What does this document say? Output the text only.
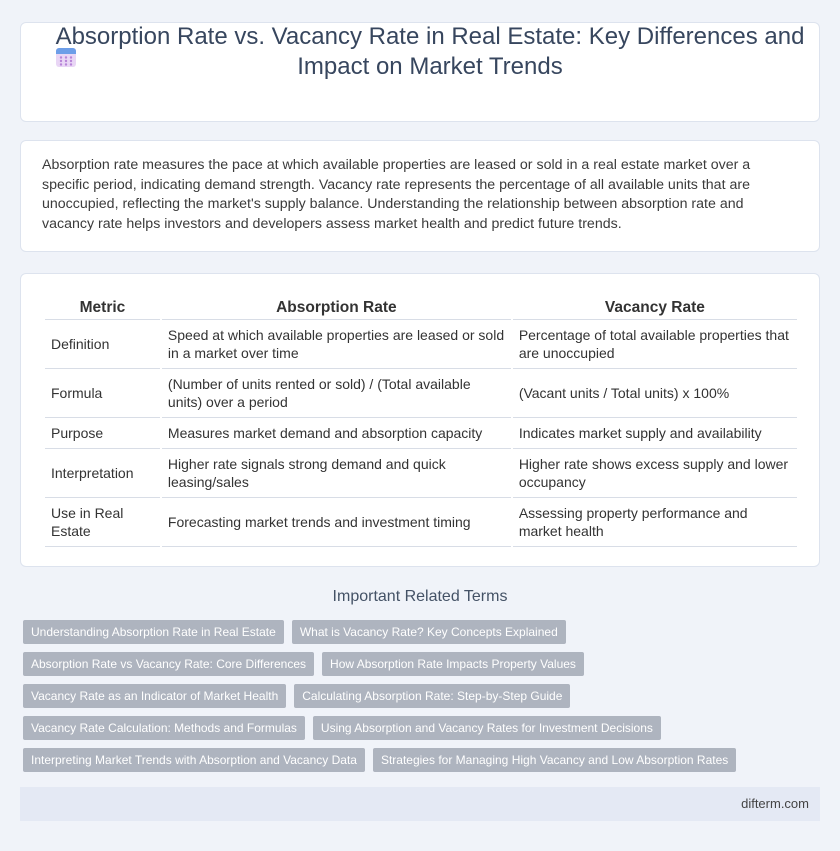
Absorption Rate vs. Vacancy Rate in Real Estate: Key Differences and Impact on Market Trends

Absorption rate measures the pace at which available properties are leased or sold in a real estate market over a specific period, indicating demand strength. Vacancy rate represents the percentage of all available units that are unoccupied, reflecting the market's supply balance. Understanding the relationship between absorption rate and vacancy rate helps investors and developers assess market health and predict future trends.

Metric	Absorption Rate	Vacancy Rate
Definition	Speed at which available properties are leased or sold in a market over time	Percentage of total available properties that are unoccupied
Formula	(Number of units rented or sold) / (Total available units) over a period	(Vacant units / Total units) x 100%
Purpose	Measures market demand and absorption capacity	Indicates market supply and availability
Interpretation	Higher rate signals strong demand and quick leasing/sales	Higher rate shows excess supply and lower occupancy
Use in Real Estate	Forecasting market trends and investment timing	Assessing property performance and market health
Important Related Terms
Understanding Absorption Rate in Real Estate	What is Vacancy Rate? Key Concepts Explained
Absorption Rate vs Vacancy Rate: Core Differences	How Absorption Rate Impacts Property Values
Vacancy Rate as an Indicator of Market Health	Calculating Absorption Rate: Step-by-Step Guide
Vacancy Rate Calculation: Methods and Formulas	Using Absorption and Vacancy Rates for Investment Decisions
Interpreting Market Trends with Absorption and Vacancy Data	Strategies for Managing High Vacancy and Low Absorption Rates
difterm.com
